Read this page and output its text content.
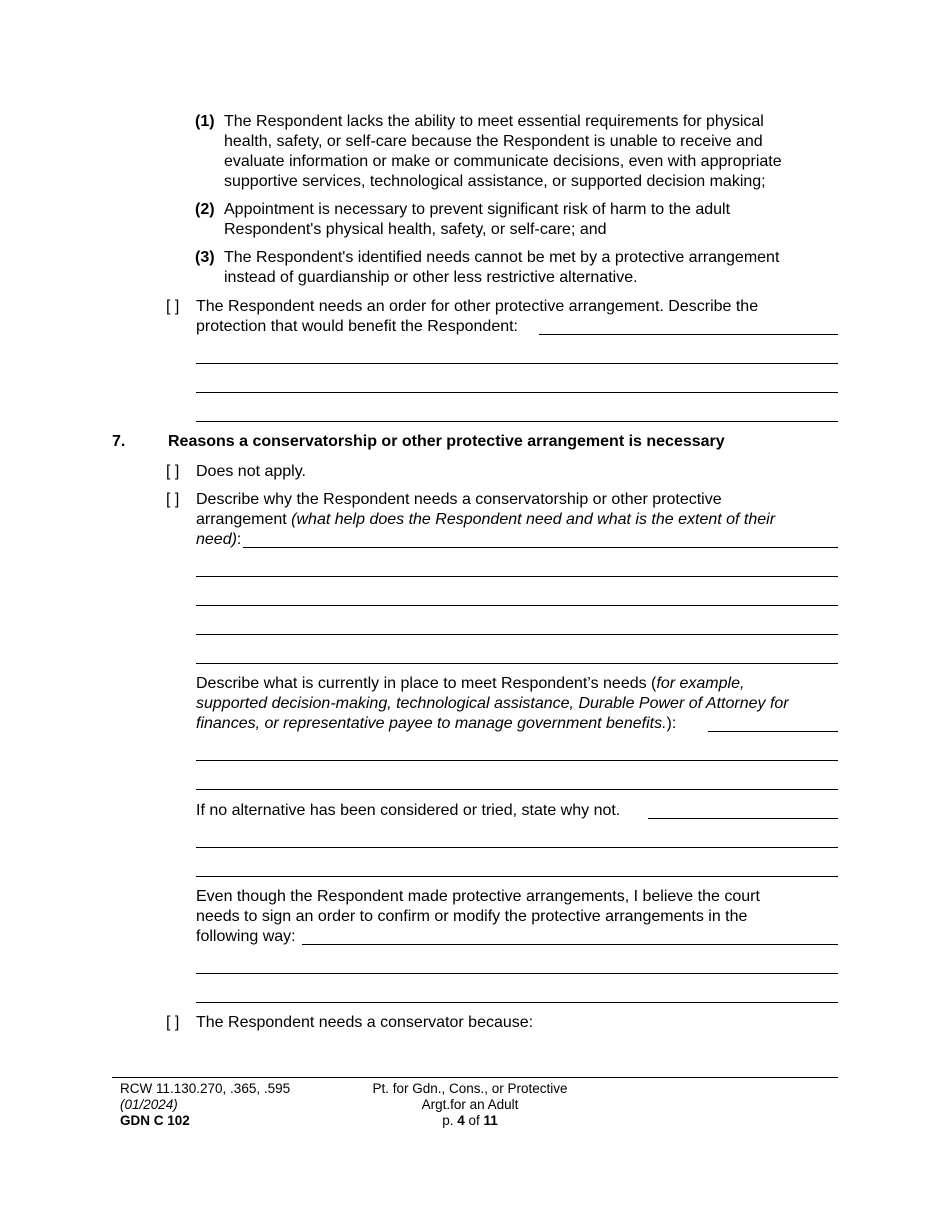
(1) The Respondent lacks the ability to meet essential requirements for physical
health, safety, or self-care because the Respondent is unable to receive and
evaluate information or make or communicate decisions, even with appropriate
supportive services, technological assistance, or supported decision making;
(2) Appointment is necessary to prevent significant risk of harm to the adult
Respondent's physical health, safety, or self-care; and
(3) The Respondent's identified needs cannot be met by a protective arrangement
instead of guardianship or other less restrictive alternative.
[ ] The Respondent needs an order for other protective arrangement. Describe the
protection that would benefit the Respondent:
7.	Reasons a conservatorship or other protective arrangement is necessary
[ ] Does not apply.
[ ] Describe why the Respondent needs a conservatorship or other protective
arrangement (what help does the Respondent need and what is the extent of their
need):
Describe what is currently in place to meet Respondent’s needs (for example,
supported decision-making, technological assistance, Durable Power of Attorney for
finances, or representative payee to manage government benefits.):
If no alternative has been considered or tried, state why not.
Even though the Respondent made protective arrangements, I believe the court
needs to sign an order to confirm or modify the protective arrangements in the
following way:
[ ] The Respondent needs a conservator because:
RCW 11.130.270, .365, .595
(01/2024)
GDN C 102
Pt. for Gdn., Cons., or Protective
Argt.for an Adult
p. 4 of 11
